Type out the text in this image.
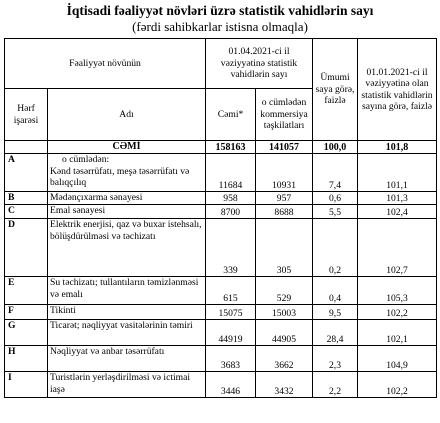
İqtisadi fəaliyyət növləri üzrə statistik vahidlərin sayı
(fərdi sahibkarlar istisna olmaqla)
Fəaliyyət növünün		01.04.2021-ci il vəziyyətinə statistik vahidlərin sayı		Ümumi saya görə, faizlə	01.01.2021-ci il vəziyyətinə olan statistik vahidlərin sayına görə, faizlə
Hərf işarəsi	Adı	Cəmi*	o cümlədən kommersiya təşkilatları		
	CƏMİ	158163	141057	100,0	101,8
A	o cümlədən:
Kənd təsərrüfatı, meşə təsərrüfatı və balıqçılıq	11684	10931	7,4	101,1
B	Mədənçıxarma sənayesi	958	957	0,6	101,3
C	Emal sənayesi	8700	8688	5,5	102,4
D	Elektrik enerjisi, qaz və buxar istehsalı, bölüşdürülməsi və təchizatı	339	305	0,2	102,7
E	Su təchizatı; tullantıların təmizlənməsi və emalı	615	529	0,4	105,3
F	Tikinti	15075	15003	9,5	102,2
G	Ticarət; nəqliyyat vasitələrinin təmiri	44919	44905	28,4	102,1
H	Nəqliyyat və anbar təsərrüfatı	3683	3662	2,3	104,9
I	Turistlərin yerləşdirilməsi və ictimai iaşə	3446	3432	2,2	102,2
